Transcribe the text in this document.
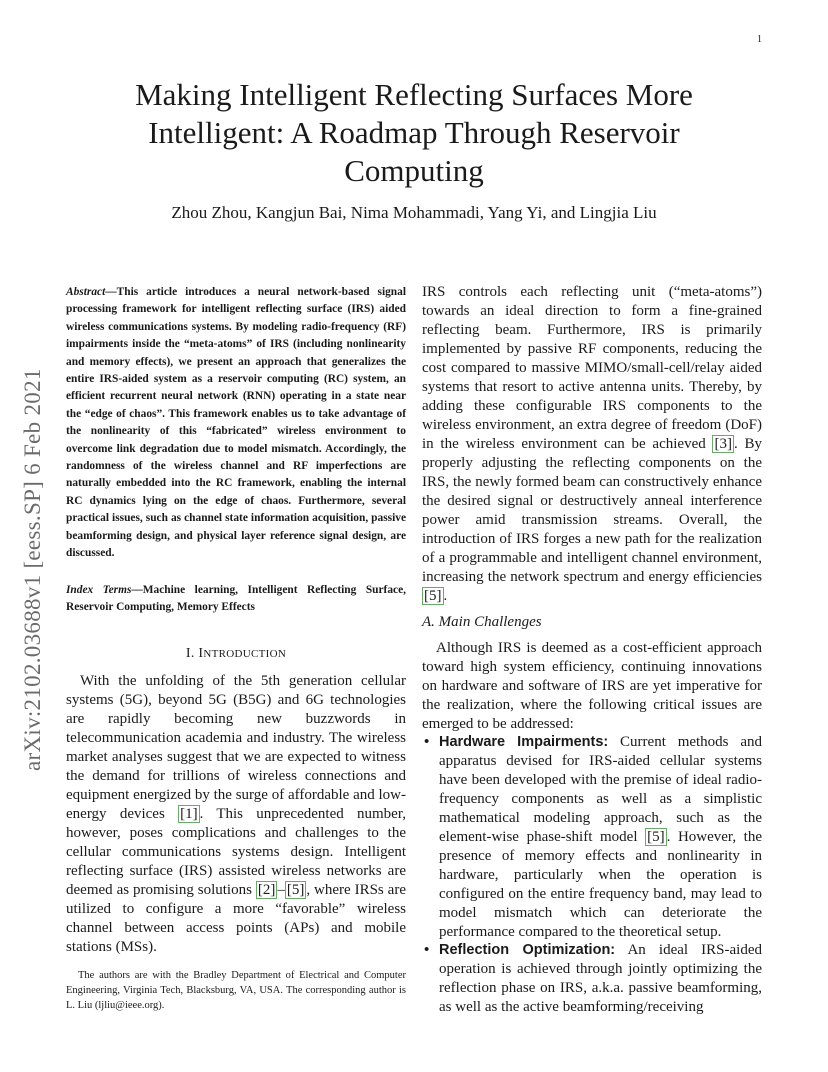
1
arXiv:2102.03688v1 [eess.SP] 6 Feb 2021
Making Intelligent Reflecting Surfaces More Intelligent: A Roadmap Through Reservoir Computing
Zhou Zhou, Kangjun Bai, Nima Mohammadi, Yang Yi, and Lingjia Liu
Abstract—This article introduces a neural network-based signal processing framework for intelligent reflecting surface (IRS) aided wireless communications systems. By modeling radio-frequency (RF) impairments inside the “meta-atoms” of IRS (including nonlinearity and memory effects), we present an approach that generalizes the entire IRS-aided system as a reservoir computing (RC) system, an efficient recurrent neural network (RNN) operating in a state near the “edge of chaos”. This framework enables us to take advantage of the nonlinearity of this “fabricated” wireless environment to overcome link degradation due to model mismatch. Accordingly, the randomness of the wireless channel and RF imperfections are naturally embedded into the RC framework, enabling the internal RC dynamics lying on the edge of chaos. Furthermore, several practical issues, such as channel state information acquisition, passive beamforming design, and physical layer reference signal design, are discussed.
Index Terms—Machine learning, Intelligent Reflecting Surface, Reservoir Computing, Memory Effects
I. INTRODUCTION
With the unfolding of the 5th generation cellular systems (5G), beyond 5G (B5G) and 6G technologies are rapidly becoming new buzzwords in telecommunication academia and industry. The wireless market analyses suggest that we are expected to witness the demand for trillions of wireless connections and equipment energized by the surge of affordable and low-energy devices [1] . This unprecedented number, however, poses complications and challenges to the cellular communications systems design. Intelligent reflecting surface (IRS) assisted wireless networks are deemed as promising solutions [2] – [5] , where IRSs are utilized to configure a more “favorable” wireless channel between access points (APs) and mobile stations (MSs).
The authors are with the Bradley Department of Electrical and Computer Engineering, Virginia Tech, Blacksburg, VA, USA. The corresponding author is L. Liu (ljliu@ieee.org).
IRS controls each reflecting unit (“meta-atoms”) towards an ideal direction to form a fine-grained reflecting beam. Furthermore, IRS is primarily implemented by passive RF components, reducing the cost compared to massive MIMO/small-cell/relay aided systems that resort to active antenna units. Thereby, by adding these configurable IRS components to the wireless environment, an extra degree of freedom (DoF) in the wireless environment can be achieved [3] . By properly adjusting the reflecting components on the IRS, the newly formed beam can constructively enhance the desired signal or destructively anneal interference power amid transmission streams. Overall, the introduction of IRS forges a new path for the realization of a programmable and intelligent channel environment, increasing the network spectrum and energy efficiencies [5] .
A. Main Challenges
Although IRS is deemed as a cost-efficient approach toward high system efficiency, continuing innovations on hardware and software of IRS are yet imperative for the realization, where the following critical issues are emerged to be addressed:
• Hardware Impairments: Current methods and apparatus devised for IRS-aided cellular systems have been developed with the premise of ideal radio-frequency components as well as a simplistic mathematical modeling approach, such as the element-wise phase-shift model [5] . However, the presence of memory effects and nonlinearity in hardware, particularly when the operation is configured on the entire frequency band, may lead to model mismatch which can deteriorate the performance compared to the theoretical setup.
• Reflection Optimization: An ideal IRS-aided operation is achieved through jointly optimizing the reflection phase on IRS, a.k.a. passive beamforming, as well as the active beamforming/receiving
